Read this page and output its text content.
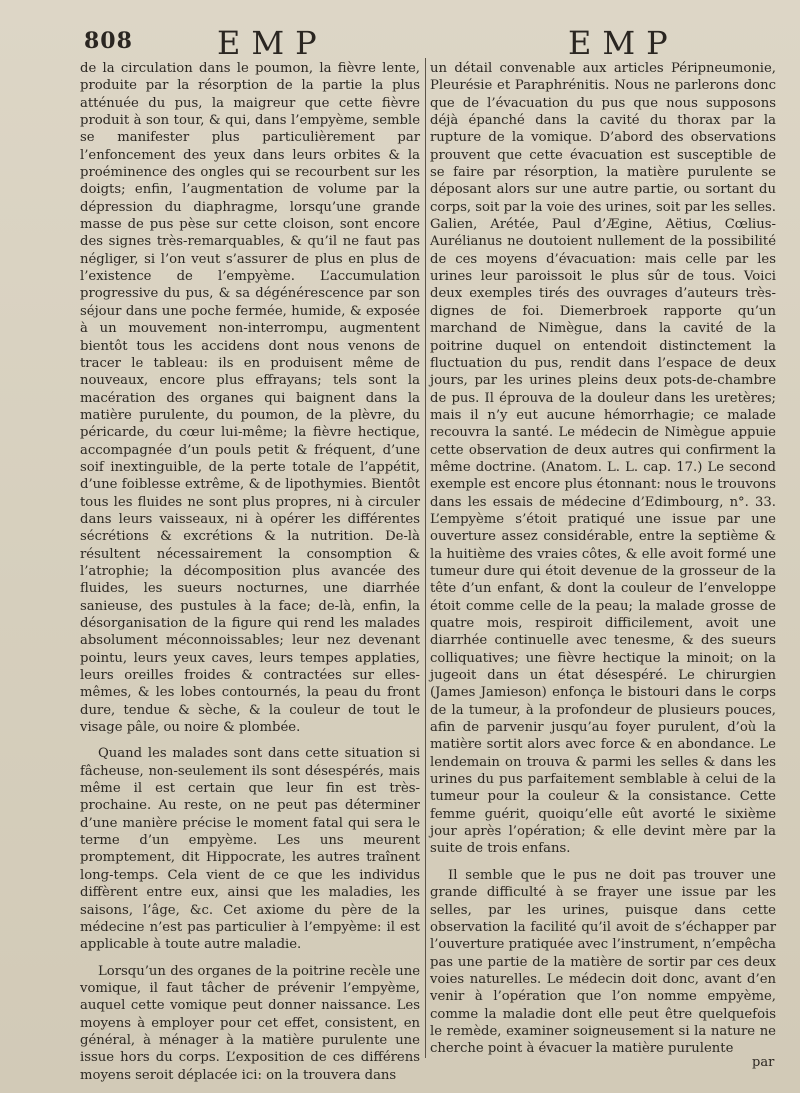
808	EMP	EMP

de la circulation dans le poumon, la fièvre lente, produite par la résorption de la partie la plus atténuée du pus, la maigreur que cette fièvre produit à son tour, & qui, dans l’empyème, semble se manifester plus particulièrement par l’enfoncement des yeux dans leurs orbites & la proéminence des ongles qui se recourbent sur les doigts; enfin, l’augmentation de volume par la dépression du diaphragme, lorsqu’une grande masse de pus pèse sur cette cloison, sont encore des signes très-remarquables, & qu’il ne faut pas négliger, si l’on veut s’assurer de plus en plus de l’existence de l’empyème. L’accumulation progressive du pus, & sa dégénérescence par son séjour dans une poche fermée, humide, & exposée à un mouvement non-interrompu, augmentent bientôt tous les accidens dont nous venons de tracer le tableau: ils en produisent même de nouveaux, encore plus effrayans; tels sont la macération des organes qui baignent dans la matière purulente, du poumon, de la plèvre, du péricarde, du cœur lui-même; la fièvre hectique, accompagnée d’un pouls petit & fréquent, d’une soif inextinguible, de la perte totale de l’appétit, d’une foiblesse extrême, & de lipothymies. Bientôt tous les fluides ne sont plus propres, ni à circuler dans leurs vaisseaux, ni à opérer les différentes sécrétions & excrétions & la nutrition. De-là résultent nécessairement la consomption & l’atrophie; la décomposition plus avancée des fluides, les sueurs nocturnes, une diarrhée sanieuse, des pustules à la face; de-là, enfin, la désorganisation de la figure qui rend les malades absolument méconnoissables; leur nez devenant pointu, leurs yeux caves, leurs tempes applaties, leurs oreilles froides & contractées sur elles-mêmes, & les lobes contournés, la peau du front dure, tendue & sèche, & la couleur de tout le visage pâle, ou noire & plombée.

Quand les malades sont dans cette situation si fâcheuse, non-seulement ils sont désespérés, mais même il est certain que leur fin est très-prochaine. Au reste, on ne peut pas déterminer d’une manière précise le moment fatal qui sera le terme d’un empyème. Les uns meurent promptement, dit Hippocrate, les autres traînent long-temps. Cela vient de ce que les individus diffèrent entre eux, ainsi que les maladies, les saisons, l’âge, &c. Cet axiome du père de la médecine n’est pas particulier à l’empyème: il est applicable à toute autre maladie.

Lorsqu’un des organes de la poitrine recèle une vomique, il faut tâcher de prévenir l’empyème, auquel cette vomique peut donner naissance. Les moyens à employer pour cet effet, consistent, en général, à ménager à la matière purulente une issue hors du corps. L’exposition de ces différens moyens seroit déplacée ici: on la trouvera dans

un détail convenable aux articles Péripneumonie, Pleurésie et Paraphrénitis. Nous ne parlerons donc que de l’évacuation du pus que nous supposons déjà épanché dans la cavité du thorax par la rupture de la vomique. D’abord des observations prouvent que cette évacuation est susceptible de se faire par résorption, la matière purulente se déposant alors sur une autre partie, ou sortant du corps, soit par la voie des urines, soit par les selles. Galien, Arétée, Paul d’Ægine, Aëtius, Cœlius-Aurélianus ne doutoient nullement de la possibilité de ces moyens d’évacuation: mais celle par les urines leur paroissoit le plus sûr de tous. Voici deux exemples tirés des ouvrages d’auteurs très-dignes de foi. Diemerbroek rapporte qu’un marchand de Nimègue, dans la cavité de la poitrine duquel on entendoit distinctement la fluctuation du pus, rendit dans l’espace de deux jours, par les urines pleins deux pots-de-chambre de pus. Il éprouva de la douleur dans les uretères; mais il n’y eut aucune hémorrhagie; ce malade recouvra la santé. Le médecin de Nimègue appuie cette observation de deux autres qui confirment la même doctrine. (Anatom. L. L. cap. 17.) Le second exemple est encore plus étonnant: nous le trouvons dans les essais de médecine d’Edimbourg, n°. 33. L’empyème s’étoit pratiqué une issue par une ouverture assez considérable, entre la septième & la huitième des vraies côtes, & elle avoit formé une tumeur dure qui étoit devenue de la grosseur de la tête d’un enfant, & dont la couleur de l’enveloppe étoit comme celle de la peau; la malade grosse de quatre mois, respiroit difficilement, avoit une diarrhée continuelle avec tenesme, & des sueurs colliquatives; une fièvre hectique la minoit; on la jugeoit dans un état désespéré. Le chirurgien (James Jamieson) enfonça le bistouri dans le corps de la tumeur, à la profondeur de plusieurs pouces, afin de parvenir jusqu’au foyer purulent, d’où la matière sortit alors avec force & en abondance. Le lendemain on trouva & parmi les selles & dans les urines du pus parfaitement semblable à celui de la tumeur pour la couleur & la consistance. Cette femme guérit, quoiqu’elle eût avorté le sixième jour après l’opération; & elle devint mère par la suite de trois enfans.

Il semble que le pus ne doit pas trouver une grande difficulté à se frayer une issue par les selles, par les urines, puisque dans cette observation la facilité qu’il avoit de s’échapper par l’ouverture pratiquée avec l’instrument, n’empêcha pas une partie de la matière de sortir par ces deux voies naturelles. Le médecin doit donc, avant d’en venir à l’opération que l’on nomme empyème, comme la maladie dont elle peut être quelquefois le remède, examiner soigneusement si la nature ne cherche point à évacuer la matière purulente

par
